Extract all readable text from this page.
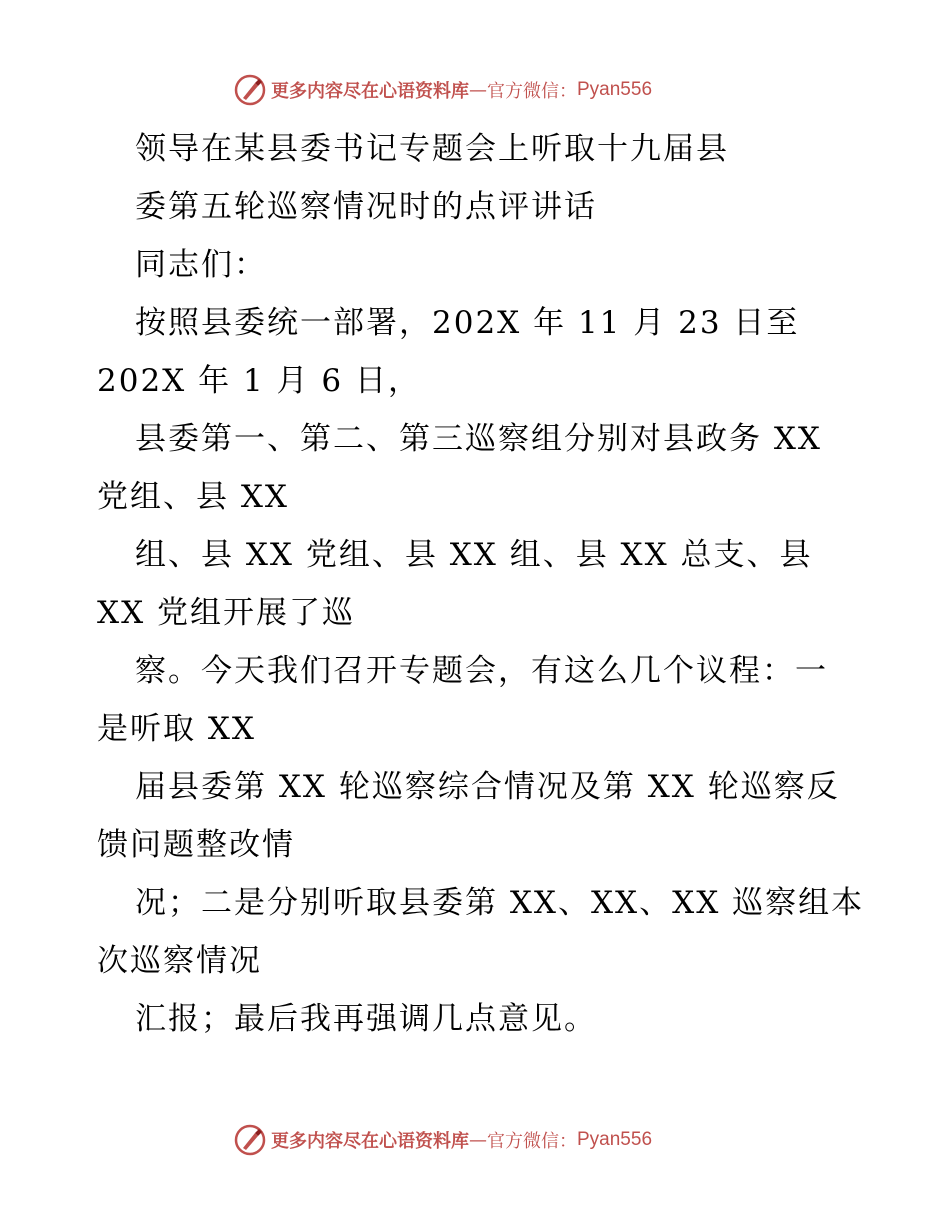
更多内容尽在心语资料库 — 官方微信： Pyan556
领导在某县委书记专题会上听取十九届县
委第五轮巡察情况时的点评讲话
同志们：
按照县委统一部署，202X 年 11 月 23 日至
202X 年 1 月 6 日，
县委第一、第二、第三巡察组分别对县政务 XX
党组、县 XX
组、县 XX 党组、县 XX 组、县 XX 总支、县
XX 党组开展了巡
察。今天我们召开专题会，有这么几个议程：一
是听取 XX
届县委第 XX 轮巡察综合情况及第 XX 轮巡察反
馈问题整改情
况；二是分别听取县委第 XX、XX、XX 巡察组本
次巡察情况
汇报；最后我再强调几点意见。
更多内容尽在心语资料库 — 官方微信： Pyan556
